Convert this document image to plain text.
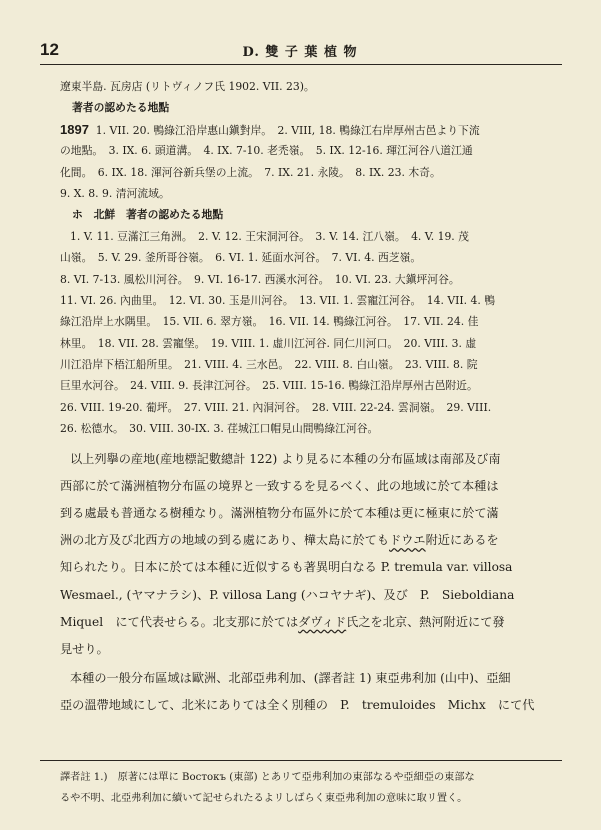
12	D. 雙 子 葉 植 物
遼東半島. 瓦房店 (リトヴィノフ氏 1902. VII. 23)。
著者の認めたる地點
1897 1. VII. 20. 鴨綠江沿岸惠山鎭對岸。　2. VIII, 18. 鴨綠江右岸厚州古邑より下流
の地點。　3. IX. 6. 頭道溝。　4. IX. 7-10. 老禿嶺。　5. IX. 12-16. 琿江河谷八道江通
化間。　6. IX. 18. 渾河谷新兵堡の上流。　7. IX. 21. 永陵。　8. IX. 23. 木奇。
9. X. 8. 9. 清河流域。
ホ　北鮮　著者の認めたる地點
1. V. 11. 豆滿江三角洲。　2. V. 12. 王宋洞河谷。　3. V. 14. 江八嶺。　4. V. 19. 茂
山嶺。　5. V. 29. 釜所哥谷嶺。　6. VI. 1. 延面水河谷。　7. VI. 4. 西芝嶺。
8. VI. 7-13. 風松川河谷。　9. VI. 16-17. 西溪水河谷。　10. VI. 23. 大鎭坪河谷。
11. VI. 26. 內曲里。　12. VI. 30. 玉是川河谷。　13. VII. 1. 雲寵江河谷。　14. VII. 4. 鴨
綠江沿岸上水隅里。　15. VII. 6. 翠方嶺。　16. VII. 14. 鴨綠江河谷。　17. VII. 24. 佳
林里。　18. VII. 28. 雲寵堡。　19. VIII. 1. 虛川江河谷. 同仁川河口。　20. VIII. 3. 虛
川江沿岸下梧江船所里。　21. VIII. 4. 三水邑。　22. VIII. 8. 白山嶺。　23. VIII. 8. 院
巨里水河谷。　24. VIII. 9. 長津江河谷。　25. VIII. 15-16. 鴨綠江沿岸厚州古邑附近。
26. VIII. 19-20. 葡坪。　27. VIII. 21. 內洞河谷。　28. VIII. 22-24. 雲洞嶺。　29. VIII.
26. 松德水。　30. VIII. 30-IX. 3. 荏城江口帽見山間鴨綠江河谷。
以上列擧の産地(産地標記數總計 122) より見るに本種の分布區域は南部及び南
西部に於て滿洲植物分布區の境界と一致するを見るべく、此の地域に於て本種は
到る處最も普通なる樹種なり。滿洲植物分布區外に於て本種は更に極東に於て滿
洲の北方及び北西方の地域の到る處にあり、樺太島に於てもドウエ附近にあるを
知られたり。日本に於ては本種に近似するも著異明白なる P. tremula var. villosa
Wesmael., (ヤマナラシ)、P. villosa Lang (ハコヤナギ)、及び　P.　Sieboldiana
Miquel　にて代表せらる。北支那に於てはダヴィド氏之を北京、熱河附近にて發
見せり。
本種の一般分布區域は歐洲、北部亞弗利加、(譯者註 1) 東亞弗利加 (山中)、亞細
亞の溫帶地域にして、北米にありては全く別種の　P.　tremuloides　Michx　にて代
譯者註 1.)　原著には單に Востокъ (東部) とあリて亞弗利加の東部なるや亞細亞の東部な
るや不明、北亞弗利加に續いて記せられたるよリしばらく東亞弗利加の意味に取リ置く。
